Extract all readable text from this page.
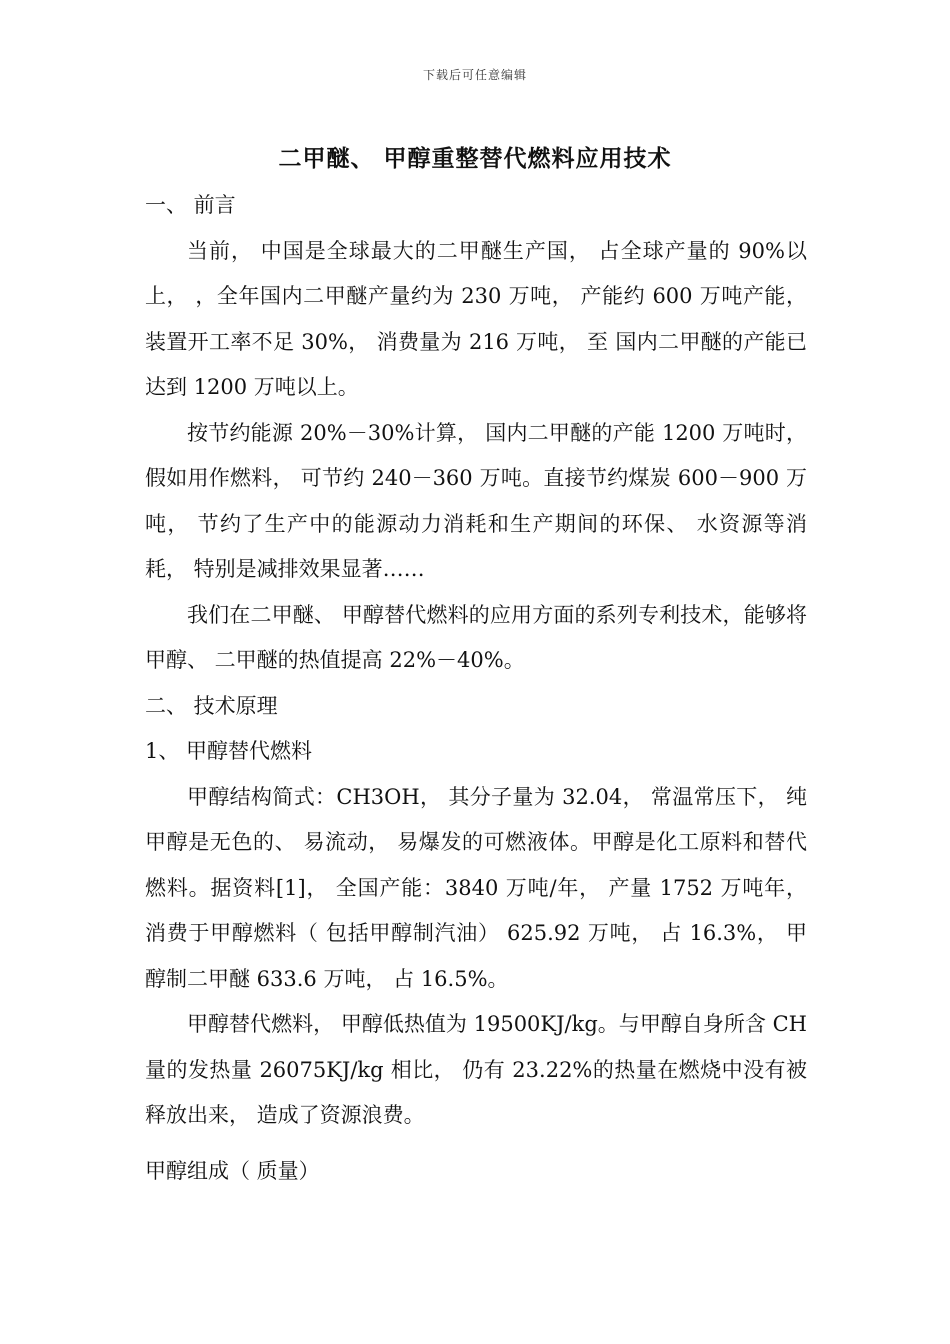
下载后可任意编辑
二甲醚、 甲醇重整替代燃料应用技术
一、 前言

当前， 中国是全球最大的二甲醚生产国， 占全球产量的 90%以上， ，全年国内二甲醚产量约为 230 万吨， 产能约 600 万吨产能， 装置开工率不足 30%， 消费量为 216 万吨， 至 国内二甲醚的产能已达到 1200 万吨以上。

按节约能源 20%－30%计算， 国内二甲醚的产能 1200 万吨时，假如用作燃料， 可节约 240－360 万吨。直接节约煤炭 600－900 万吨， 节约了生产中的能源动力消耗和生产期间的环保、 水资源等消耗， 特别是减排效果显著……

我们在二甲醚、 甲醇替代燃料的应用方面的系列专利技术，能够将甲醇、 二甲醚的热值提高 22%－40%。

二、 技术原理
1、 甲醇替代燃料

甲醇结构简式：CH3OH， 其分子量为 32.04， 常温常压下， 纯甲醇是无色的、 易流动， 易爆发的可燃液体。甲醇是化工原料和替代燃料。据资料[1]， 全国产能：3840 万吨/年， 产量 1752 万吨年， 消费于甲醇燃料（ 包括甲醇制汽油） 625.92 万吨， 占 16.3%， 甲醇制二甲醚 633.6 万吨， 占 16.5%。

甲醇替代燃料， 甲醇低热值为 19500KJ/kg。与甲醇自身所含 CH 量的发热量 26075KJ/kg 相比， 仍有 23.22%的热量在燃烧中没有被释放出来， 造成了资源浪费。

甲醇组成（ 质量）
